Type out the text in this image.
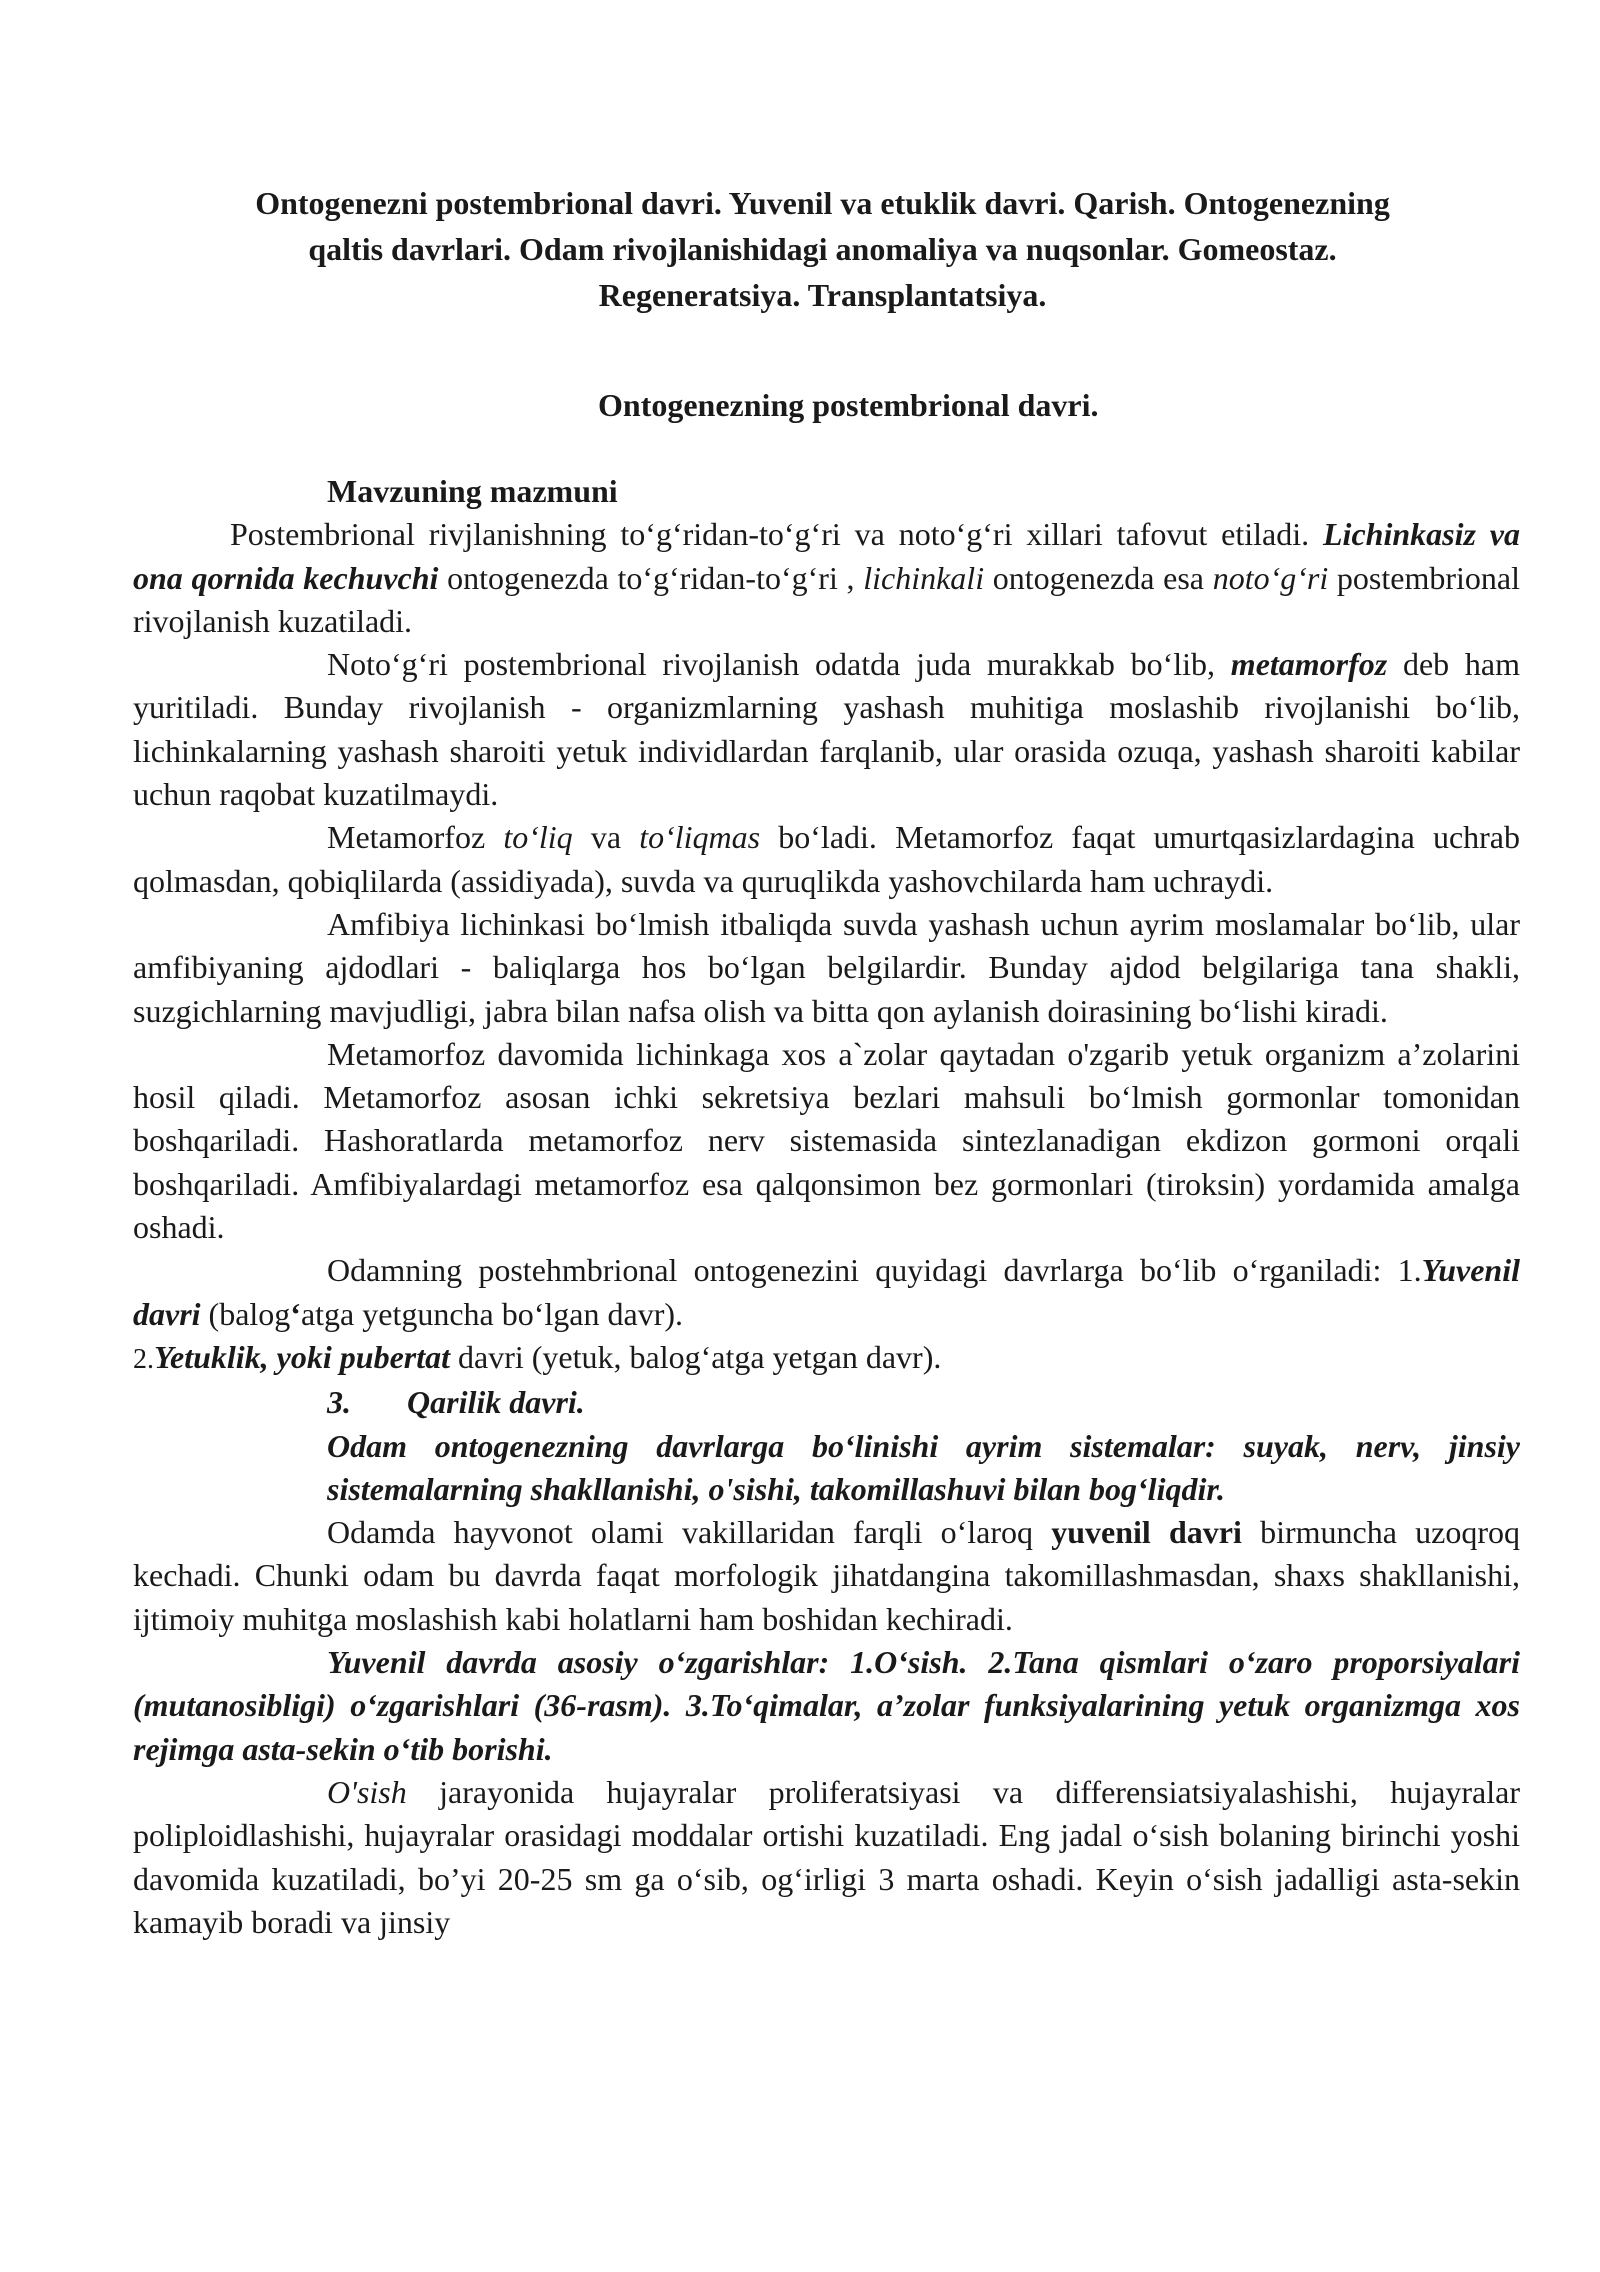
Ontogenezni postembrional davri. Yuvenil va etuklik davri. Qarish. Ontogenezning
qaltis davrlari. Odam rivojlanishidagi anomaliya va nuqsonlar. Gomeostaz.
Regeneratsiya. Transplantatsiya.
Ontogenezning postembrional davri.

Mavzuning mazmuni

Postembrional rivjlanishning to‘g‘ridan-to‘g‘ri va noto‘g‘ri xillari tafovut etiladi. Lichinkasiz va ona qornida kechuvchi ontogenezda to‘g‘ridan-to‘g‘ri , lichinkali ontogenezda esa noto‘g‘ri postembrional rivojlanish kuzatiladi.

Noto‘g‘ri postembrional rivojlanish odatda juda murakkab bo‘lib, metamorfoz deb ham yuritiladi. Bunday rivojlanish - organizmlarning yashash muhitiga moslashib rivojlanishi bo‘lib, lichinkalarning yashash sharoiti yetuk individlardan farqlanib, ular orasida ozuqa, yashash sharoiti kabilar uchun raqobat kuzatilmaydi.

Metamorfoz to‘liq va to‘liqmas bo‘ladi. Metamorfoz faqat umurtqasizlardagina uchrab qolmasdan, qobiqlilarda (assidiyada), suvda va quruqlikda yashovchilarda ham uchraydi.

Amfibiya lichinkasi bo‘lmish itbaliqda suvda yashash uchun ayrim moslamalar bo‘lib, ular amfibiyaning ajdodlari - baliqlarga hos bo‘lgan belgilardir. Bunday ajdod belgilariga tana shakli, suzgichlarning mavjudligi, jabra bilan nafsa olish va bitta qon aylanish doirasining bo‘lishi kiradi.

Metamorfoz davomida lichinkaga xos a`zolar qaytadan o'zgarib yetuk organizm a’zolarini hosil qiladi. Metamorfoz asosan ichki sekretsiya bezlari mahsuli bo‘lmish gormonlar tomonidan boshqariladi. Hashoratlarda metamorfoz nerv sistemasida sintezlanadigan ekdizon gormoni orqali boshqariladi. Amfibiyalardagi metamorfoz esa qalqonsimon bez gormonlari (tiroksin) yordamida amalga oshadi.

Odamning postehmbrional ontogenezini quyidagi davrlarga bo‘lib o‘rganiladi: 1.Yuvenil davri (balog‘atga yetguncha bo‘lgan davr).

2.Yetuklik, yoki pubertat davri (yetuk, balog‘atga yetgan davr).

3. Qarilik davri.

Odam ontogenezning davrlarga bo‘linishi ayrim sistemalar: suyak, nerv, jinsiy sistemalarning shakllanishi, o'sishi, takomillashuvi bilan bog‘liqdir.

Odamda hayvonot olami vakillaridan farqli o‘laroq yuvenil davri birmuncha uzoqroq kechadi. Chunki odam bu davrda faqat morfologik jihatdangina takomillashmasdan, shaxs shakllanishi, ijtimoiy muhitga moslashish kabi holatlarni ham boshidan kechiradi.

Yuvenil davrda asosiy o‘zgarishlar: 1.O‘sish. 2.Tana qismlari o‘zaro proporsiyalari (mutanosibligi) o‘zgarishlari (36-rasm). 3.To‘qimalar, a’zolar funksiyalarining yetuk organizmga xos rejimga asta-sekin o‘tib borishi.

O'sish jarayonida hujayralar proliferatsiyasi va differensiatsiyalashishi, hujayralar poliploidlashishi, hujayralar orasidagi moddalar ortishi kuzatiladi. Eng jadal o‘sish bolaning birinchi yoshi davomida kuzatiladi, bo’yi 20-25 sm ga o‘sib, og‘irligi 3 marta oshadi. Keyin o‘sish jadalligi asta-sekin kamayib boradi va jinsiy
